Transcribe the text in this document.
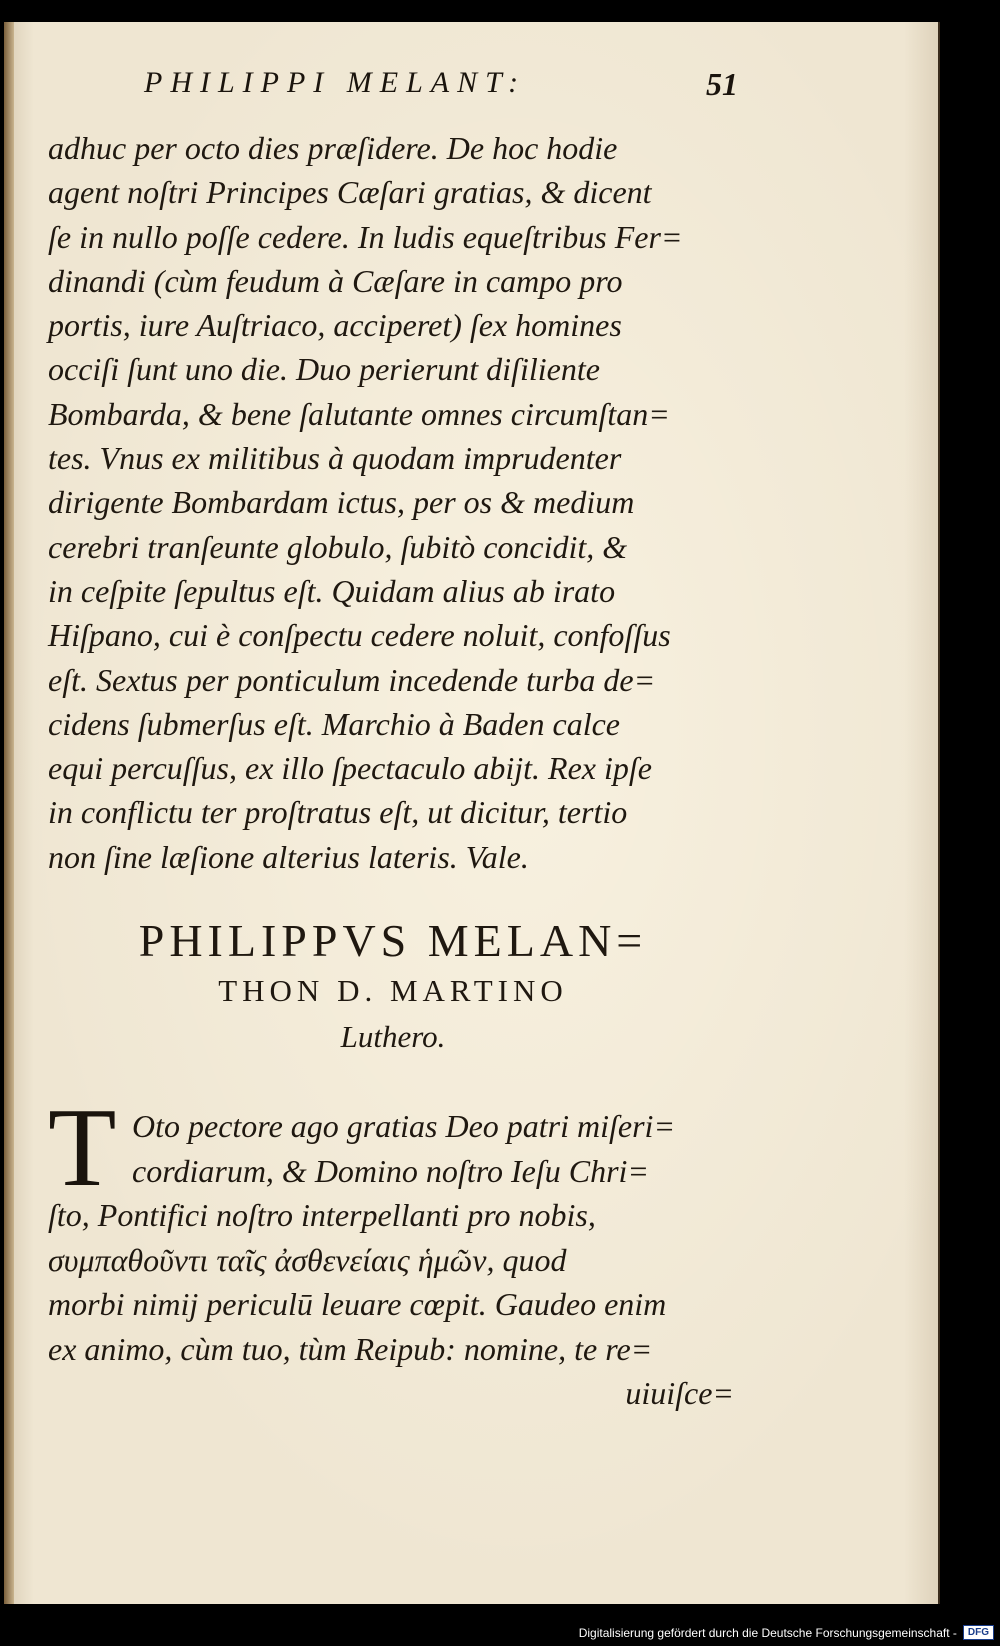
PHILIPPI MELANT:	51
adhuc per octo dies præſidere. De hoc hodie
agent noſtri Principes Cæſari gratias, & dicent
ſe in nullo poſſe cedere. In ludis equeſtribus Fer=
dinandi (cùm feudum à Cæſare in campo pro
portis, iure Auſtriaco, acciperet) ſex homines
occiſi ſunt uno die. Duo perierunt diſiliente
Bombarda, & bene ſalutante omnes circumſtan=
tes. Vnus ex militibus à quodam imprudenter
dirigente Bombardam ictus, per os & medium
cerebri tranſeunte globulo, ſubitò concidit, &
in ceſpite ſepultus eſt. Quidam alius ab irato
Hiſpano, cui è conſpectu cedere noluit, confoſſus
eſt. Sextus per ponticulum incedende turba de=
cidens ſubmerſus eſt. Marchio à Baden calce
equi percuſſus, ex illo ſpectaculo abijt. Rex ipſe
in conflictu ter proſtratus eſt, ut dicitur, tertio
non ſine læſione alterius lateris. Vale.
PHILIPPVS MELAN=
THON D. MARTINO
Luthero.
T Oto pectore ago gratias Deo patri miſeri=
cordiarum, & Domino noſtro Ieſu Chri=
ſto, Pontifici noſtro interpellanti pro nobis,
συμπαθοῦντι ταῖς ἀσθενείαις ἡμῶν, quod
morbi nimij periculū leuare cœpit. Gaudeo enim
ex animo, cùm tuo, tùm Reipub: nomine, te re=
uiuiſce=
Digitalisierung gefördert durch die Deutsche Forschungsgemeinschaft -	DFG
